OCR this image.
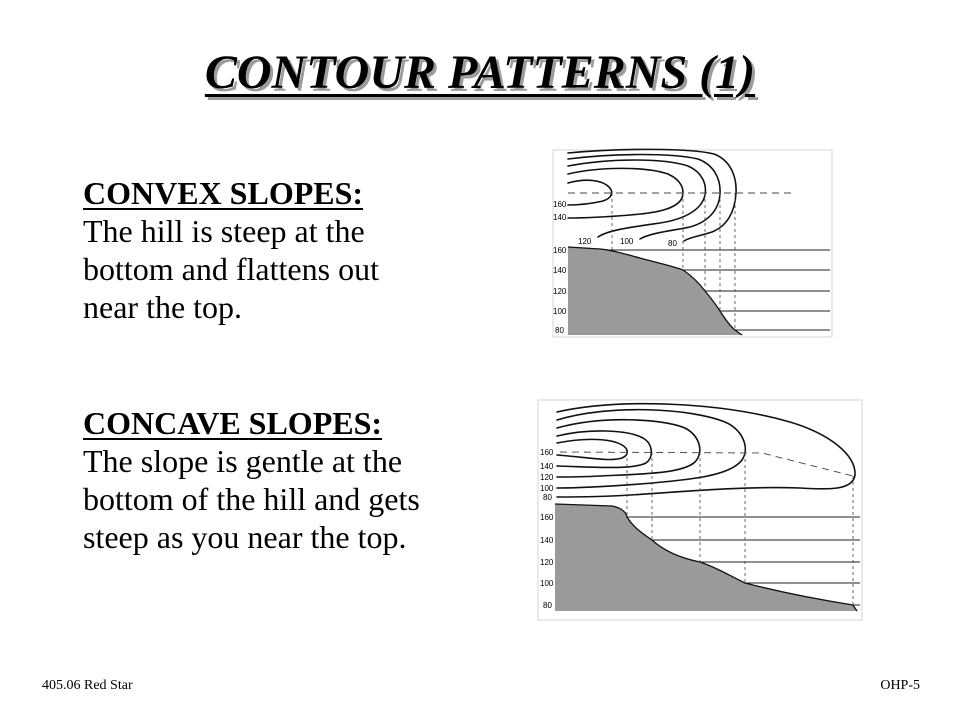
CONTOUR PATTERNS (1)
CONVEX SLOPES:
The hill is steep at the
bottom and flattens out
near the top.
CONCAVE SLOPES:
The slope is gentle at the
bottom of the hill and gets
steep as you near the top.
160
140
120	100	80
160
140
120
100
80
160
140
120
100
80
160
140
120
100
80
405.06 Red Star	OHP-5
